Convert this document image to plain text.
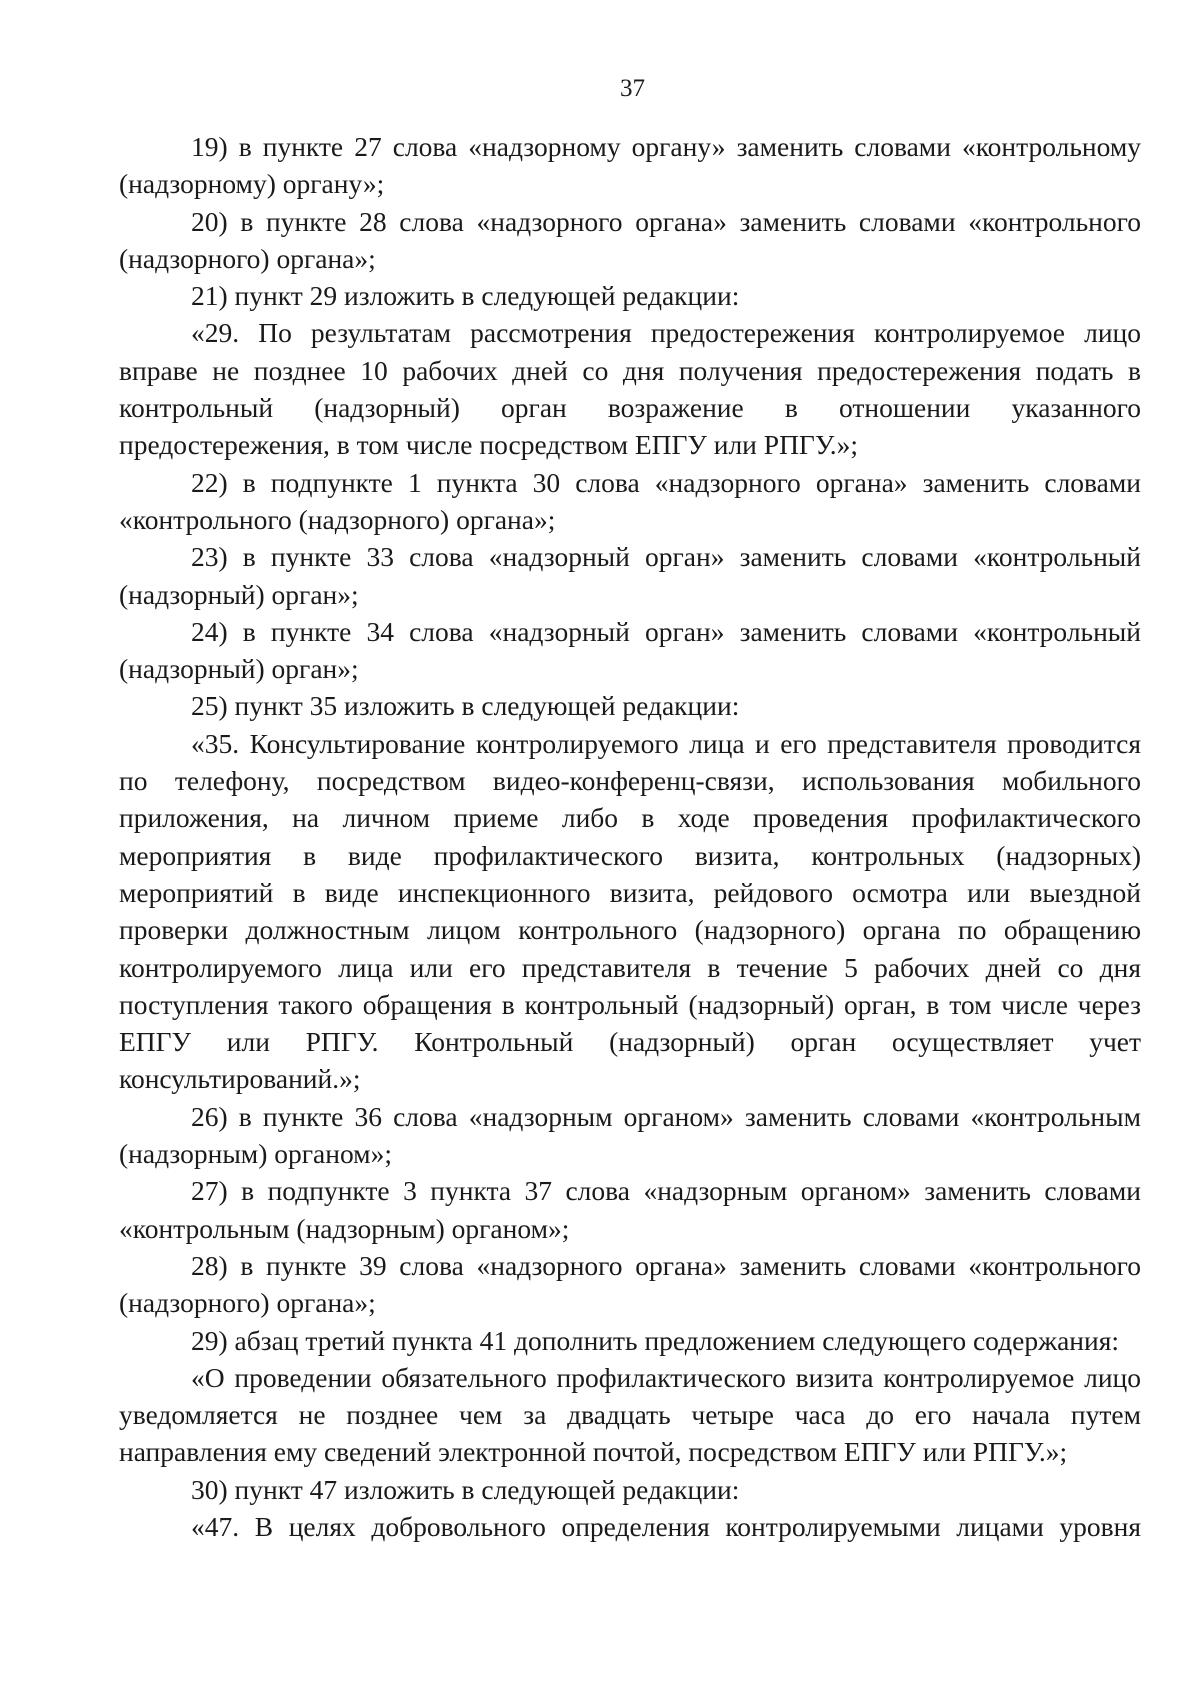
37

19) в пункте 27 слова «надзорному органу» заменить словами «контрольному (надзорному) органу»;

20) в пункте 28 слова «надзорного органа» заменить словами «контрольного (надзорного) органа»;

21) пункт 29 изложить в следующей редакции:

«29. По результатам рассмотрения предостережения контролируемое лицо вправе не позднее 10 рабочих дней со дня получения предостережения подать в контрольный (надзорный) орган возражение в отношении указанного предостережения, в том числе посредством ЕПГУ или РПГУ.»;

22) в подпункте 1 пункта 30 слова «надзорного органа» заменить словами «контрольного (надзорного) органа»;

23) в пункте 33 слова «надзорный орган» заменить словами «контрольный (надзорный) орган»;

24) в пункте 34 слова «надзорный орган» заменить словами «контрольный (надзорный) орган»;

25) пункт 35 изложить в следующей редакции:

«35. Консультирование контролируемого лица и его представителя проводится по телефону, посредством видео-конференц-связи, использования мобильного приложения, на личном приеме либо в ходе проведения профилактического мероприятия в виде профилактического визита, контрольных (надзорных) мероприятий в виде инспекционного визита, рейдового осмотра или выездной проверки должностным лицом контрольного (надзорного) органа по обращению контролируемого лица или его представителя в течение 5 рабочих дней со дня поступления такого обращения в контрольный (надзорный) орган, в том числе через ЕПГУ или РПГУ. Контрольный (надзорный) орган осуществляет учет консультирований.»;

26) в пункте 36 слова «надзорным органом» заменить словами «контрольным (надзорным) органом»;

27) в подпункте 3 пункта 37 слова «надзорным органом» заменить словами «контрольным (надзорным) органом»;

28) в пункте 39 слова «надзорного органа» заменить словами «контрольного (надзорного) органа»;

29) абзац третий пункта 41 дополнить предложением следующего содержания:

«О проведении обязательного профилактического визита контролируемое лицо уведомляется не позднее чем за двадцать четыре часа до его начала путем направления ему сведений электронной почтой, посредством ЕПГУ или РПГУ.»;

30) пункт 47 изложить в следующей редакции:

«47. В целях добровольного определения контролируемыми лицами уровня
